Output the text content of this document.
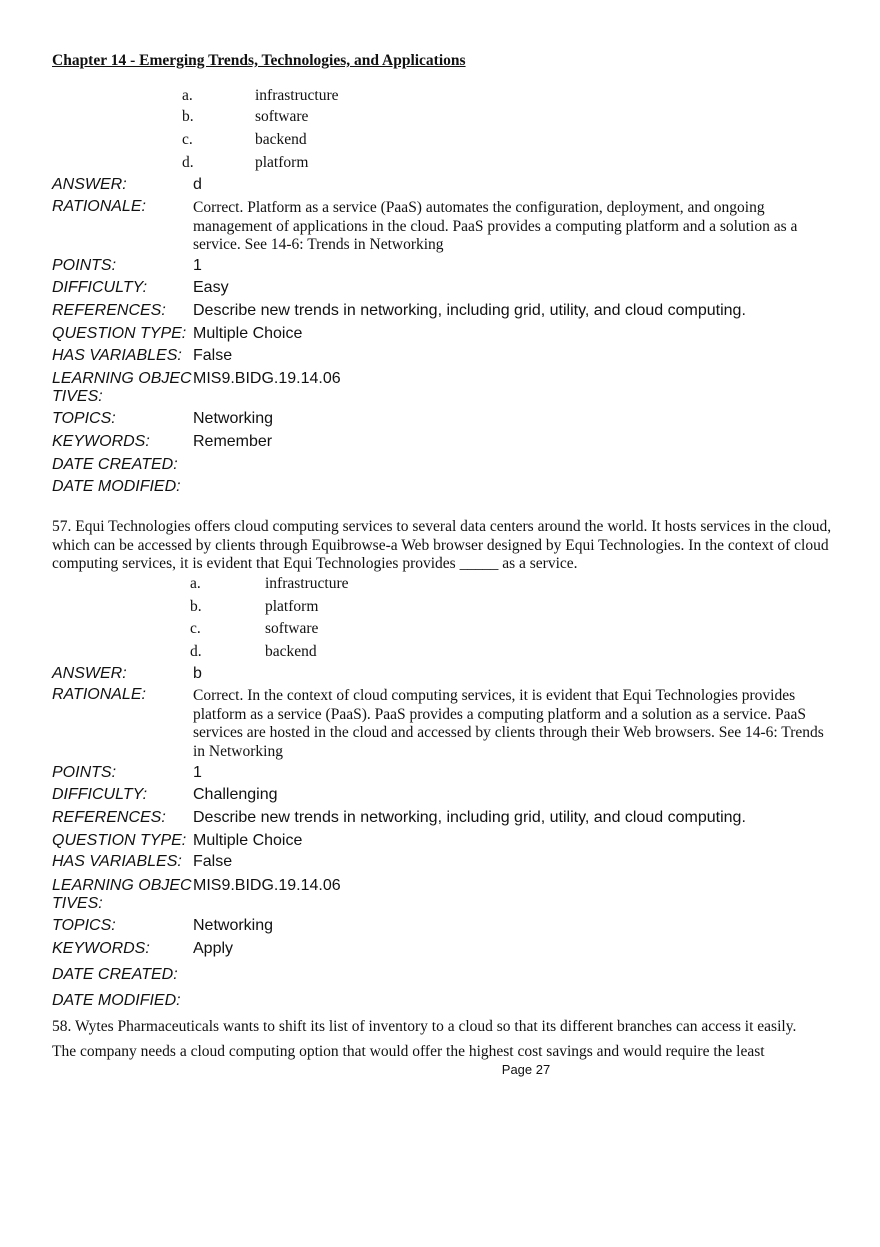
Chapter 14 - Emerging Trends, Technologies, and Applications
a.	infrastructure
b.	software
c.	backend
d.	platform
ANSWER:	d
RATIONALE:	Correct. Platform as a service (PaaS) automates the configuration, deployment, and ongoing management of applications in the cloud. PaaS provides a computing platform and a solution as a service. See 14-6: Trends in Networking
POINTS:	1
DIFFICULTY:	Easy
REFERENCES: Describe new trends in networking, including grid, utility, and cloud computing.
QUESTION TYPE: Multiple Choice
HAS VARIABLES: False
LEARNING OBJEC
TIVES:
MIS9.BIDG.19.14.06
TOPICS:	Networking
KEYWORDS:	Remember
DATE CREATED:
DATE MODIFIED:
57. Equi Technologies offers cloud computing services to several data centers around the world. It hosts services in the cloud, which can be accessed by clients through Equibrowse-a Web browser designed by Equi Technologies. In the context of cloud computing services, it is evident that Equi Technologies provides _____ as a service.
a.	infrastructure
b.	platform
c.	software
d.	backend
ANSWER:	b
RATIONALE:	Correct. In the context of cloud computing services, it is evident that Equi Technologies provides platform as a service (PaaS). PaaS provides a computing platform and a solution as a service. PaaS services are hosted in the cloud and accessed by clients through their Web browsers. See 14-6: Trends in Networking
POINTS:	1
DIFFICULTY:	Challenging
REFERENCES: Describe new trends in networking, including grid, utility, and cloud computing.
QUESTION TYPE: Multiple Choice
HAS VARIABLES: False
LEARNING OBJEC
TIVES:
MIS9.BIDG.19.14.06
TOPICS:	Networking
KEYWORDS:	Apply
DATE CREATED:
DATE MODIFIED:
58. Wytes Pharmaceuticals wants to shift its list of inventory to a cloud so that its different branches can access it easily.
The company needs a cloud computing option that would offer the highest cost savings and would require the least
Page 27
